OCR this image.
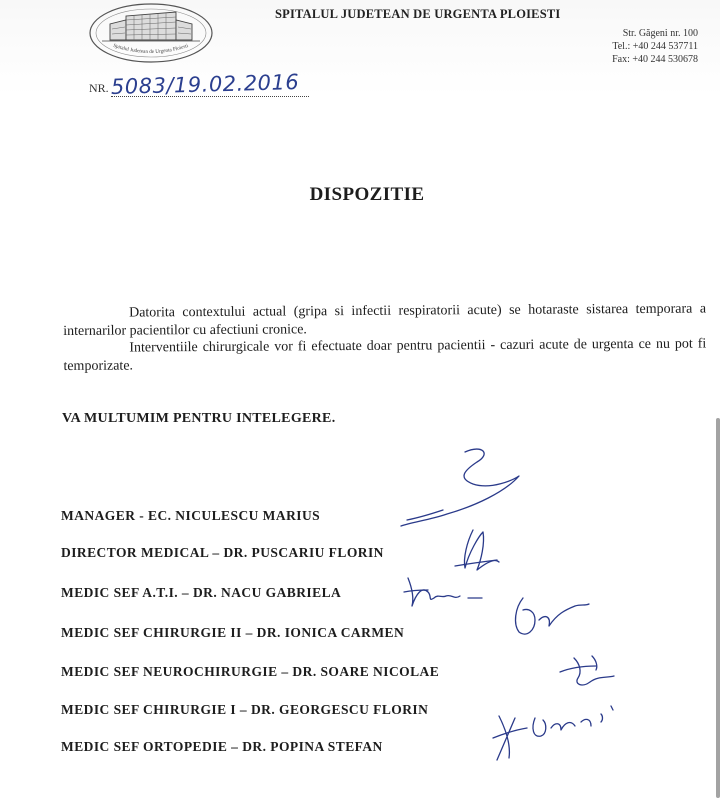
Spitalul Judetean de Urgenta Ploiesti
SPITALUL JUDETEAN DE URGENTA PLOIESTI
Str. Găgeni nr. 100
Tel.: +40 244 537711
Fax: +40 244 530678
NR. 5083/19.02.2016
DISPOZITIE

Datorita contextului actual (gripa si infectii respiratorii acute) se hotaraste sistarea temporara a internarilor pacientilor cu afectiuni cronice.

Interventiile chirurgicale vor fi efectuate doar pentru pacientii - cazuri acute de urgenta ce nu pot fi temporizate.

VA MULTUMIM PENTRU INTELEGERE.
MANAGER - EC. NICULESCU MARIUS
DIRECTOR MEDICAL – DR. PUSCARIU FLORIN
MEDIC SEF A.T.I. – DR. NACU GABRIELA
MEDIC SEF CHIRURGIE II – DR. IONICA CARMEN
MEDIC SEF NEUROCHIRURGIE – DR. SOARE NICOLAE
MEDIC SEF CHIRURGIE I – DR. GEORGESCU FLORIN
MEDIC SEF ORTOPEDIE – DR. POPINA STEFAN
